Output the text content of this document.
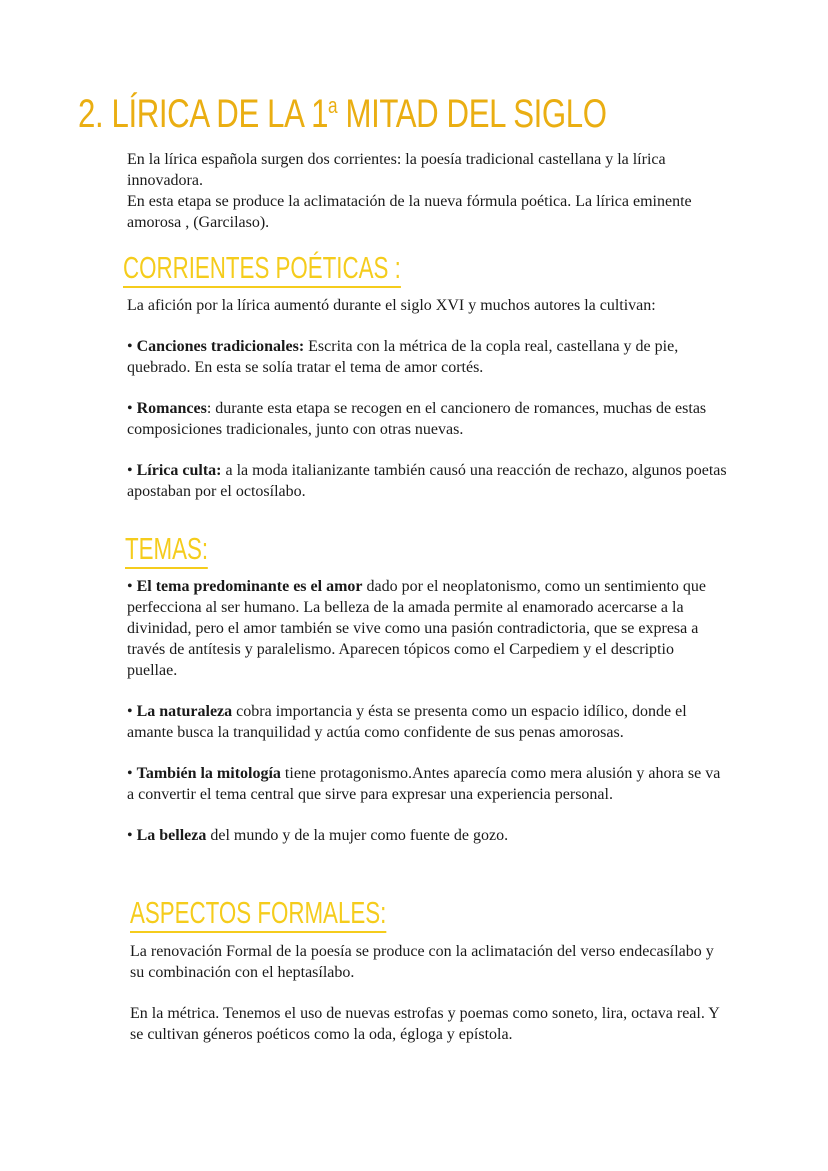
2. LÍRICA DE LA 1$^a$ MITAD DEL SIGLO

En la lírica española surgen dos corrientes: la poesía tradicional castellana y la lírica innovadora.

En esta etapa se produce la aclimatación de la nueva fórmula poética. La lírica eminente amorosa , (Garcilaso).

CORRIENTES POÉTICAS :

La afición por la lírica aumentó durante el siglo XVI y muchos autores la cultivan:

• Canciones tradicionales: Escrita con la métrica de la copla real, castellana y de pie, quebrado. En esta se solía tratar el tema de amor cortés.

• Romances: durante esta etapa se recogen en el cancionero de romances, muchas de estas composiciones tradicionales, junto con otras nuevas.

• Lírica culta: a la moda italianizante también causó una reacción de rechazo, algunos poetas apostaban por el octosílabo.

TEMAS:

• El tema predominante es el amor dado por el neoplatonismo, como un sentimiento que perfecciona al ser humano. La belleza de la amada permite al enamorado acercarse a la divinidad, pero el amor también se vive como una pasión contradictoria, que se expresa a través de antítesis y paralelismo. Aparecen tópicos como el Carpediem y el descriptio puellae.

• La naturaleza cobra importancia y ésta se presenta como un espacio idílico, donde el amante busca la tranquilidad y actúa como confidente de sus penas amorosas.

• También la mitología tiene protagonismo.Antes aparecía como mera alusión y ahora se va a convertir el tema central que sirve para expresar una experiencia personal.

• La belleza del mundo y de la mujer como fuente de gozo.

ASPECTOS FORMALES:

La renovación Formal de la poesía se produce con la aclimatación del verso endecasílabo y su combinación con el heptasílabo.

En la métrica. Tenemos el uso de nuevas estrofas y poemas como soneto, lira, octava real. Y se cultivan géneros poéticos como la oda, égloga y epístola.
